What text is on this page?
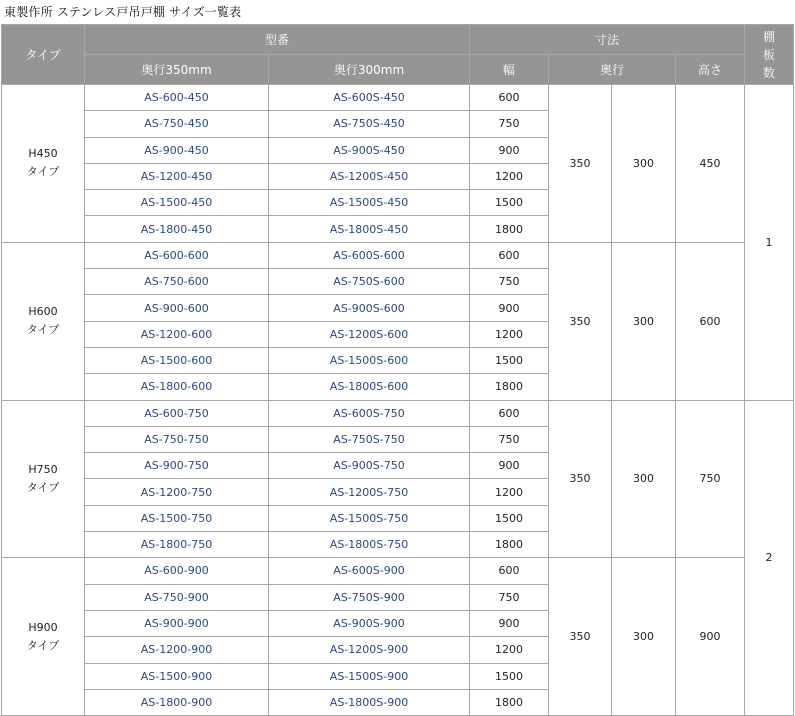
東製作所 ステンレス戸吊戸棚 サイズ一覧表
タイプ	型番		寸法				棚
板
数

	奥行350mm	奥行300mm	幅	奥行		高さ	

H450
タイプ	AS-600-450	AS-600S-450	600	350	300	450	1
	AS-750-450	AS-750S-450	750				
	AS-900-450	AS-900S-450	900				
	AS-1200-450	AS-1200S-450	1200				
	AS-1500-450	AS-1500S-450	1500				
	AS-1800-450	AS-1800S-450	1800				

H600
タイプ	AS-600-600	AS-600S-600	600	350	300	600	
	AS-750-600	AS-750S-600	750				
	AS-900-600	AS-900S-600	900				
	AS-1200-600	AS-1200S-600	1200				
	AS-1500-600	AS-1500S-600	1500				
	AS-1800-600	AS-1800S-600	1800				

H750
タイプ	AS-600-750	AS-600S-750	600	350	300	750	2
	AS-750-750	AS-750S-750	750				
	AS-900-750	AS-900S-750	900				
	AS-1200-750	AS-1200S-750	1200				
	AS-1500-750	AS-1500S-750	1500				
	AS-1800-750	AS-1800S-750	1800				

H900
タイプ	AS-600-900	AS-600S-900	600	350	300	900	
	AS-750-900	AS-750S-900	750				
	AS-900-900	AS-900S-900	900				
	AS-1200-900	AS-1200S-900	1200				
	AS-1500-900	AS-1500S-900	1500				
	AS-1800-900	AS-1800S-900	1800				
